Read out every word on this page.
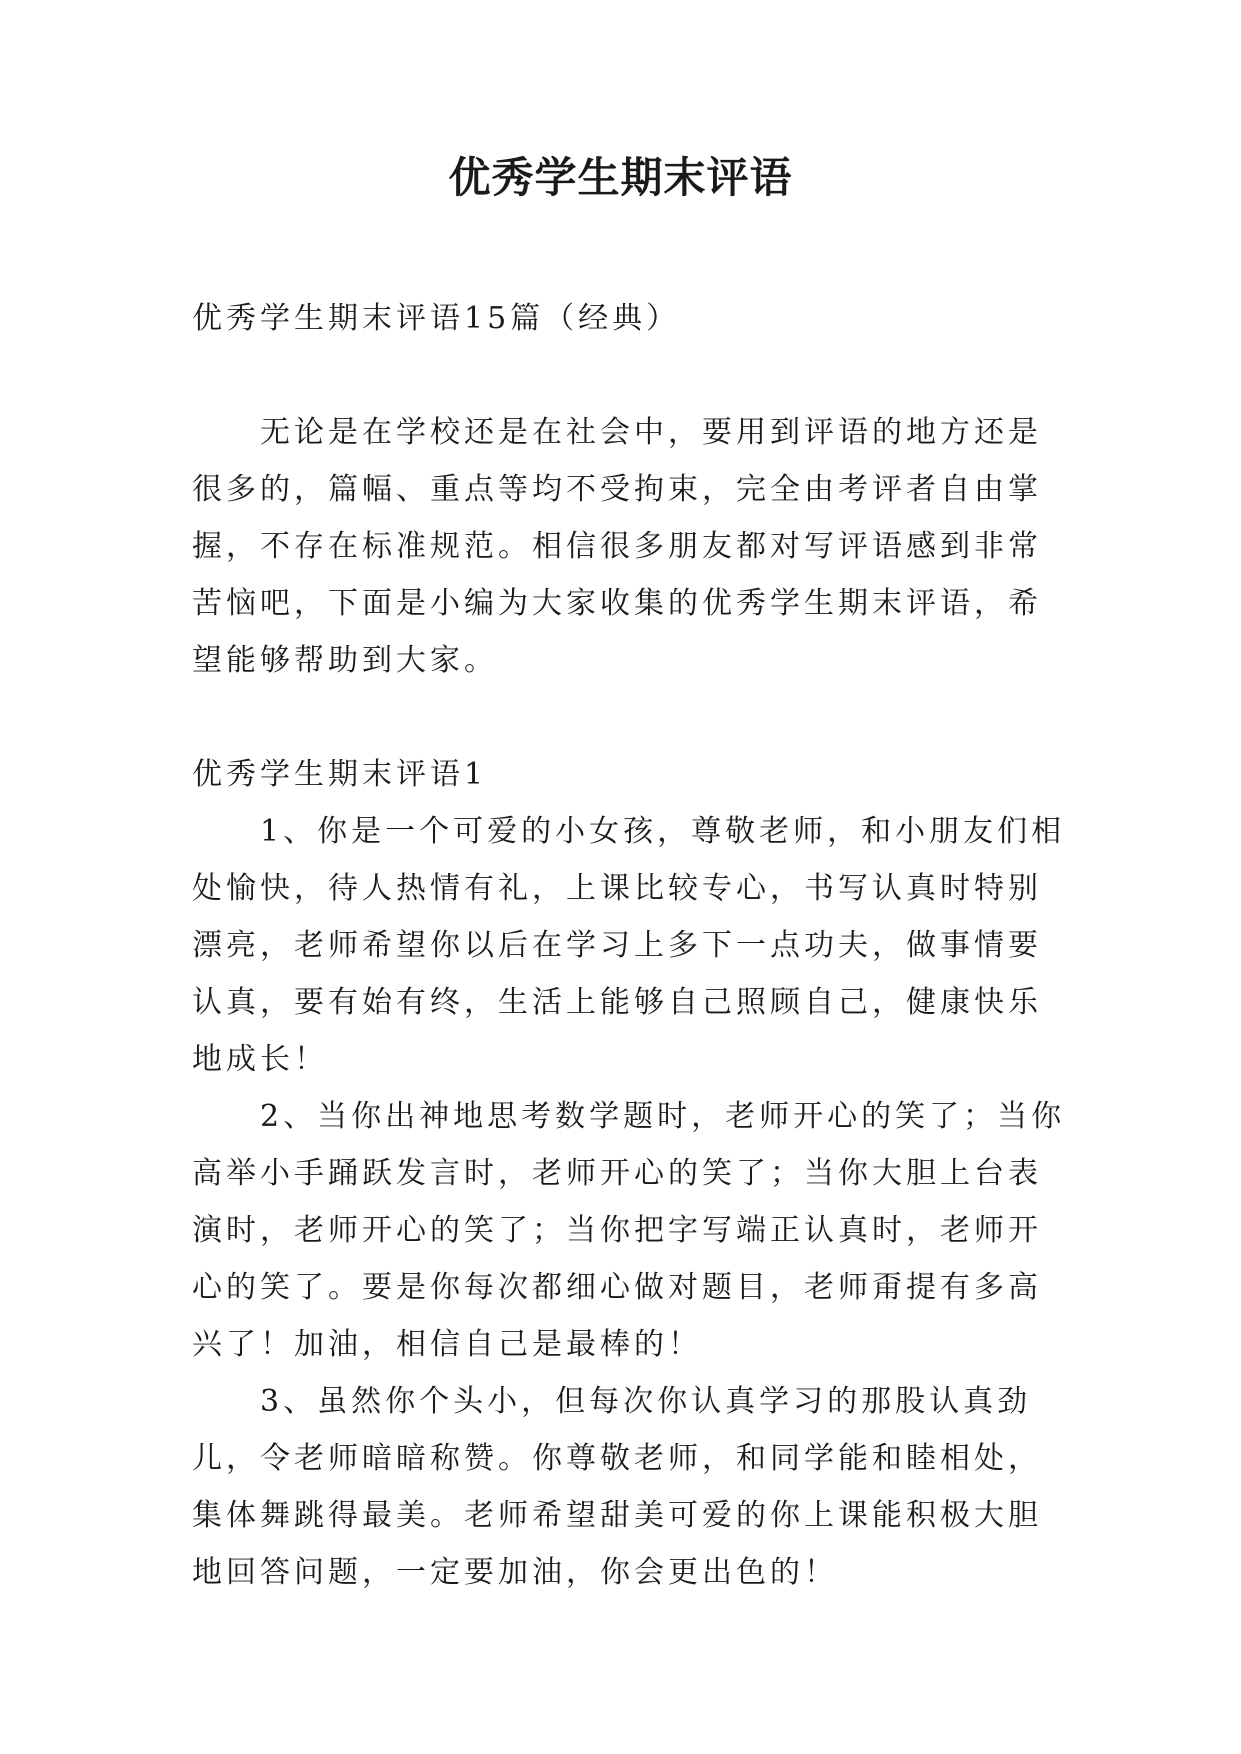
优秀学生期末评语

优秀学生期末评语15篇（经典）

无论是在学校还是在社会中，要用到评语的地方还是很多的，篇幅、重点等均不受拘束，完全由考评者自由掌握，不存在标准规范。相信很多朋友都对写评语感到非常苦恼吧，下面是小编为大家收集的优秀学生期末评语，希望能够帮助到大家。

优秀学生期末评语1

1、你是一个可爱的小女孩，尊敬老师，和小朋友们相处愉快，待人热情有礼，上课比较专心，书写认真时特别漂亮，老师希望你以后在学习上多下一点功夫，做事情要认真，要有始有终，生活上能够自己照顾自己，健康快乐地成长！

2、当你出神地思考数学题时，老师开心的笑了；当你高举小手踊跃发言时，老师开心的笑了；当你大胆上台表演时，老师开心的笑了；当你把字写端正认真时，老师开心的笑了。要是你每次都细心做对题目，老师甭提有多高兴了！加油，相信自己是最棒的！

3、虽然你个头小，但每次你认真学习的那股认真劲儿，令老师暗暗称赞。你尊敬老师，和同学能和睦相处，集体舞跳得最美。老师希望甜美可爱的你上课能积极大胆地回答问题，一定要加油，你会更出色的！
